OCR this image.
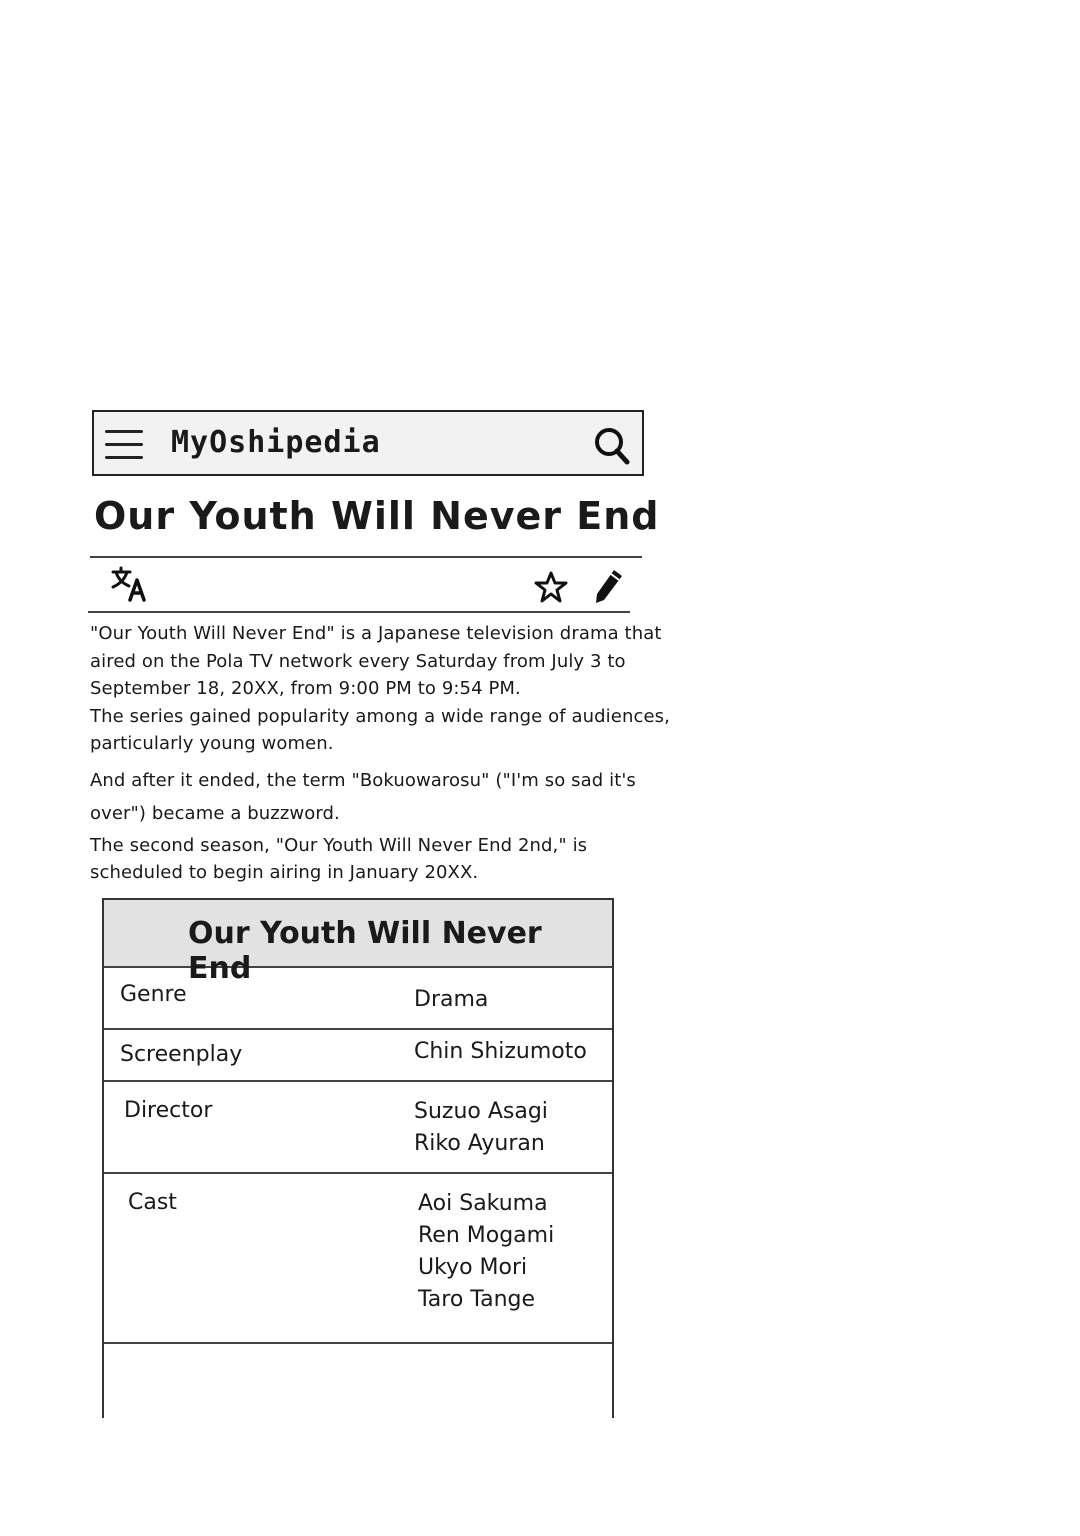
MyOshipedia
Our Youth Will Never End

"Our Youth Will Never End" is a Japanese television drama that aired on the Pola TV network every Saturday from July 3 to September 18, 20XX, from 9:00 PM to 9:54 PM.

The series gained popularity among a wide range of audiences, particularly young women.

And after it ended, the term "Bokuowarosu" ("I'm so sad it's over") became a buzzword.

The second season, "Our Youth Will Never End 2nd," is scheduled to begin airing in January 20XX.

Our Youth Will Never End
Genre	Drama
Screenplay	Chin Shizumoto
Director	Suzuo Asagi
Riko Ayuran
Cast	Aoi Sakuma
Ren Mogami
Ukyo Mori
Taro Tange
